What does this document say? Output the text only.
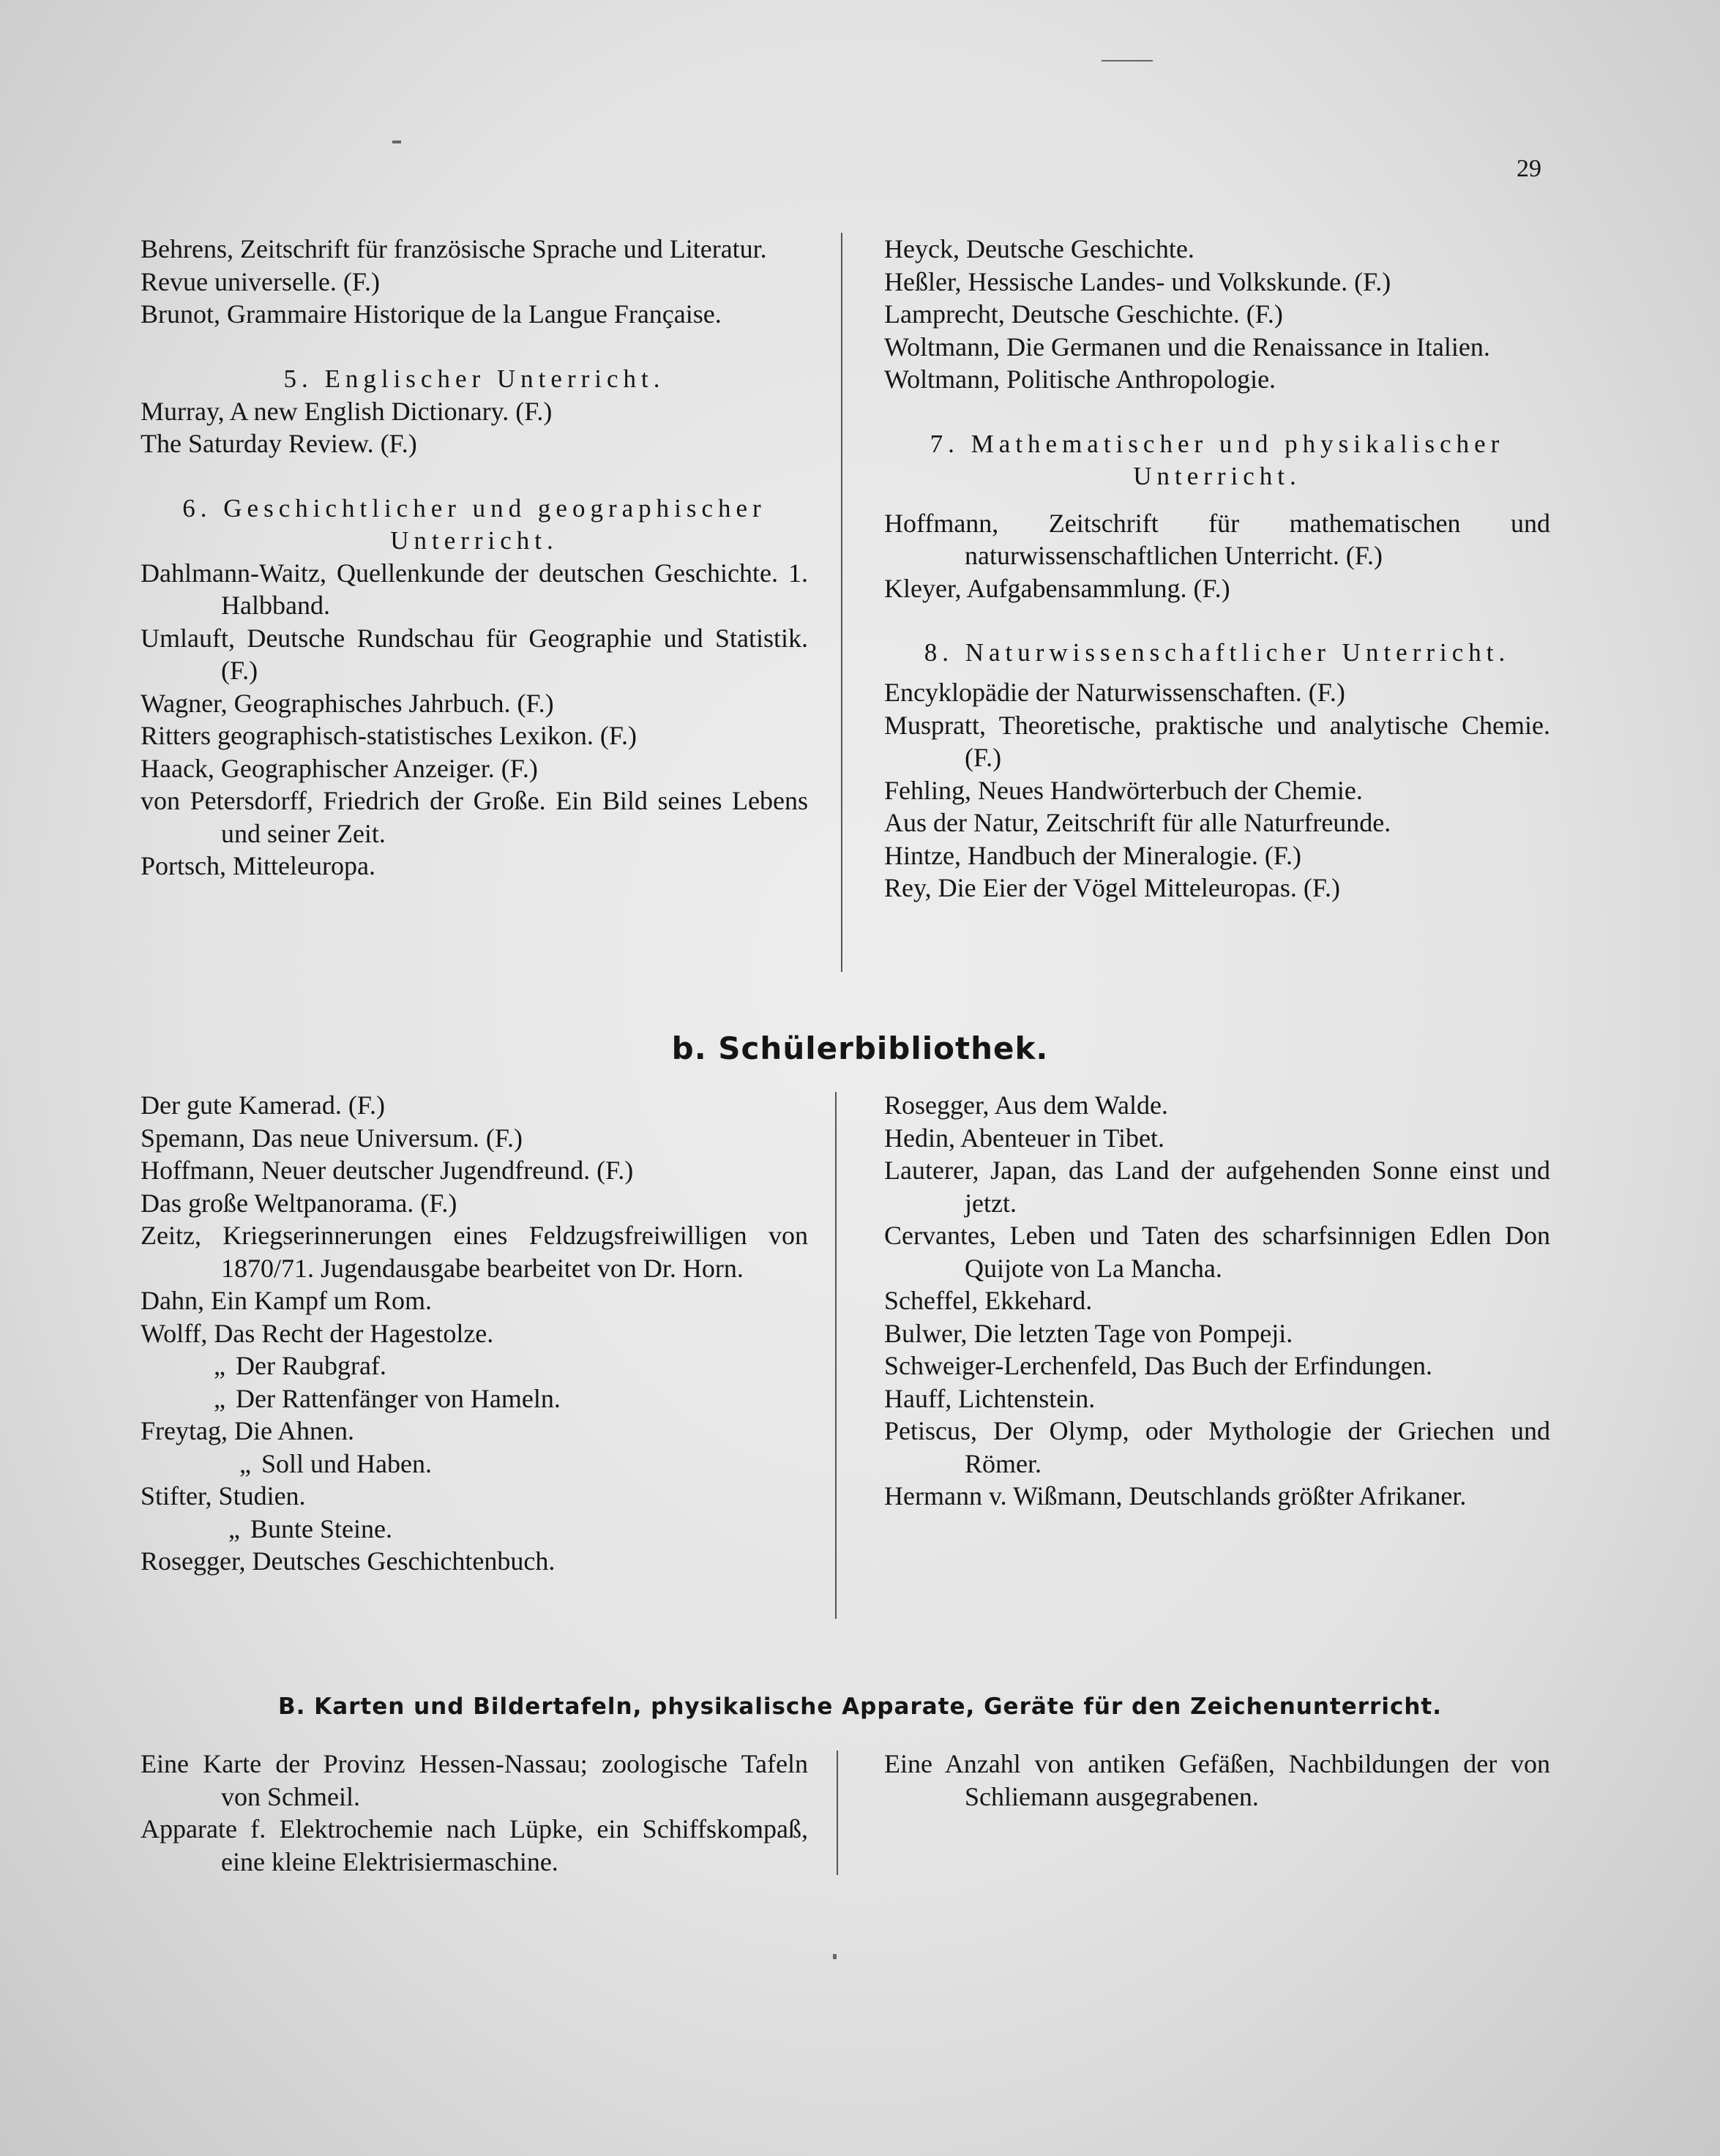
29
Behrens, Zeitschrift für französische Sprache und Literatur.
Revue universelle. (F.)
Brunot, Grammaire Historique de la Langue Française.
5. Englischer Unterricht.
Murray, A new English Dictionary. (F.)
The Saturday Review. (F.)
6. Geschichtlicher und geographischer
Unterricht.
Dahlmann-Waitz, Quellenkunde der deutschen Geschichte. 1. Halbband.
Umlauft, Deutsche Rundschau für Geographie und Statistik. (F.)
Wagner, Geographisches Jahrbuch. (F.)
Ritters geographisch-statistisches Lexikon. (F.)
Haack, Geographischer Anzeiger. (F.)
von Petersdorff, Friedrich der Große. Ein Bild seines Lebens und seiner Zeit.
Portsch, Mitteleuropa.
Heyck, Deutsche Geschichte.
Heßler, Hessische Landes- und Volkskunde. (F.)
Lamprecht, Deutsche Geschichte. (F.)
Woltmann, Die Germanen und die Renaissance in Italien.
Woltmann, Politische Anthropologie.
7. Mathematischer und physikalischer
Unterricht.
Hoffmann, Zeitschrift für mathematischen und naturwissenschaftlichen Unterricht. (F.)
Kleyer, Aufgabensammlung. (F.)
8. Naturwissenschaftlicher Unterricht.
Encyklopädie der Naturwissenschaften. (F.)
Muspratt, Theoretische, praktische und analytische Chemie. (F.)
Fehling, Neues Handwörterbuch der Chemie.
Aus der Natur, Zeitschrift für alle Naturfreunde.
Hintze, Handbuch der Mineralogie. (F.)
Rey, Die Eier der Vögel Mitteleuropas. (F.)
b. Schülerbibliothek.
Der gute Kamerad. (F.)
Spemann, Das neue Universum. (F.)
Hoffmann, Neuer deutscher Jugendfreund. (F.)
Das große Weltpanorama. (F.)
Zeitz, Kriegserinnerungen eines Feldzugsfreiwilligen von 1870/71. Jugendausgabe bearbeitet von Dr. Horn.
Dahn, Ein Kampf um Rom.
Wolff, Das Recht der Hagestolze.
„ Der Raubgraf.
„ Der Rattenfänger von Hameln.
Freytag, Die Ahnen.
„ Soll und Haben.
Stifter, Studien.
„ Bunte Steine.
Rosegger, Deutsches Geschichtenbuch.
Rosegger, Aus dem Walde.
Hedin, Abenteuer in Tibet.
Lauterer, Japan, das Land der aufgehenden Sonne einst und jetzt.
Cervantes, Leben und Taten des scharfsinnigen Edlen Don Quijote von La Mancha.
Scheffel, Ekkehard.
Bulwer, Die letzten Tage von Pompeji.
Schweiger-Lerchenfeld, Das Buch der Erfindungen.
Hauff, Lichtenstein.
Petiscus, Der Olymp, oder Mythologie der Griechen und Römer.
Hermann v. Wißmann, Deutschlands größter Afrikaner.
B. Karten und Bildertafeln, physikalische Apparate, Geräte für den Zeichenunterricht.
Eine Karte der Provinz Hessen-Nassau; zoologische Tafeln von Schmeil.
Apparate f. Elektrochemie nach Lüpke, ein Schiffskompaß, eine kleine Elektrisiermaschine.
Eine Anzahl von antiken Gefäßen, Nachbildungen der von Schliemann ausgegrabenen.
